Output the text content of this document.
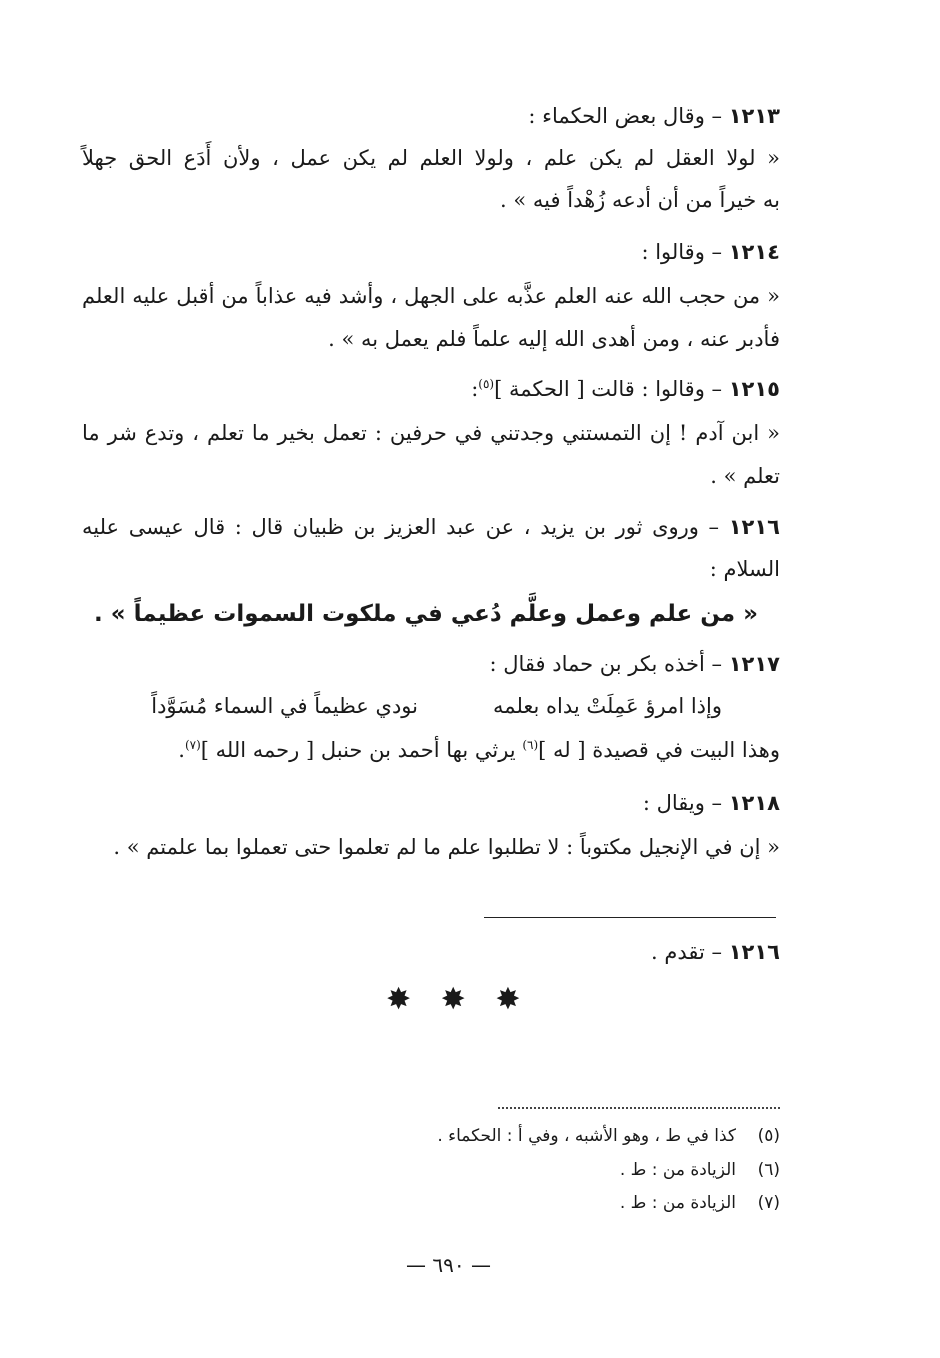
١٢١٣ – وقال بعض الحكماء :
« لولا العقل لم يكن علم ، ولولا العلم لم يكن عمل ، ولأن أَدَع الحق جهلاً
به خيراً من أن أدعه زُهْداً فيه » .
١٢١٤ – وقالوا :
« من حجب الله عنه العلم عذَّبه على الجهل ، وأشد فيه عذاباً من أقبل عليه العلم
فأدبر عنه ، ومن أهدى الله إليه علماً فلم يعمل به » .
١٢١٥ – وقالوا : قالت [ الحكمة ]$^{(٥)}$:
« ابن آدم ! إن التمستني وجدتني في حرفين : تعمل بخير ما تعلم ، وتدع شر ما
تعلم » .
١٢١٦ – وروى ثور بن يزيد ، عن عبد العزيز بن ظبيان قال : قال عيسى عليه
السلام :
« من علم وعمل وعلَّم دُعي في ملكوت السموات عظيماً » .
١٢١٧ – أخذه بكر بن حماد فقال :
وإذا امرؤ عَمِلَتْ يداه بعلمه
نودي عظيماً في السماء مُسَوَّداً
وهذا البيت في قصيدة [ له ]$^{(٦)}$ يرثي بها أحمد بن حنبل [ رحمه الله ]$^{(٧)}$.
١٢١٨ – ويقال :
« إن في الإنجيل مكتوباً : لا تطلبوا علم ما لم تعلموا حتى تعملوا بما علمتم » .
١٢١٦ – تقدم .
✸ ✸ ✸
(٥)كذا في ط ، وهو الأشبه ، وفي أ : الحكماء .
(٦)الزيادة من : ط .
(٧)الزيادة من : ط .
— ٦٩٠ —
